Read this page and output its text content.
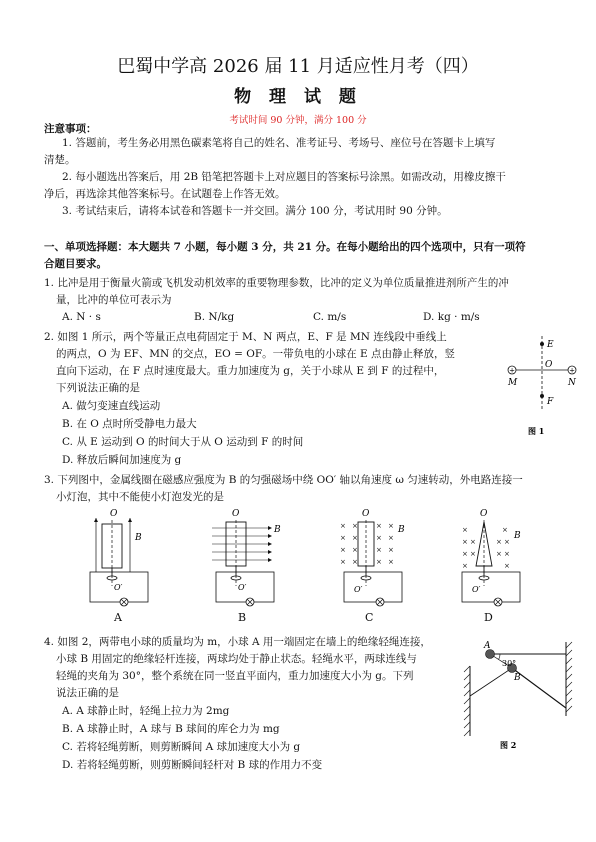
巴蜀中学高 2026 届 11 月适应性月考（四）
物 理 试 题
考试时间 90 分钟，满分 100 分
注意事项：
1. 答题前，考生务必用黑色碳素笔将自己的姓名、准考证号、考场号、座位号在答题卡上填写
清楚。
2. 每小题选出答案后，用 2B 铅笔把答题卡上对应题目的答案标号涂黑。如需改动，用橡皮擦干
净后，再选涂其他答案标号。在试题卷上作答无效。
3. 考试结束后，请将本试卷和答题卡一并交回。满分 100 分，考试用时 90 分钟。
一、单项选择题：本大题共 7 小题，每小题 3 分，共 21 分。在每小题给出的四个选项中，只有一项符
合题目要求。
1. 比冲是用于衡量火箭或飞机发动机效率的重要物理参数，比冲的定义为单位质量推进剂所产生的冲
量，比冲的单位可表示为
A. N · s	B. N/kg	C. m/s	D. kg · m/s
2. 如图 1 所示，两个等量正点电荷固定于 M、N 两点，E、F 是 MN 连线段中垂线上
的两点，O 为 EF、MN 的交点，EO = OF。一带负电的小球在 E 点由静止释放，竖
直向下运动，在 F 点时速度最大。重力加速度为 g，关于小球从 E 到 F 的过程中，
下列说法正确的是
A. 做匀变速直线运动
B. 在 O 点时所受静电力最大
C. 从 E 运动到 O 的时间大于从 O 运动到 F 的时间
D. 释放后瞬间加速度为 g
+	+
E
O
M	N
F
图 1
3. 下列图中，金属线圈在磁感应强度为 B 的匀强磁场中绕 OO′ 轴以角速度 ω 匀速转动，外电路连接一
小灯泡，其中不能使小灯泡发光的是
O
B
O′
A
O
B
O′
B
O
× ×	× ×
× ×	× ×
× ×	× ×
× ×	× ×
B
O′
C
O
×	×
× ×	× ×
× ×	× ×
×	×
B
O′
D
4. 如图 2，两带电小球的质量均为 m，小球 A 用一端固定在墙上的绝缘轻绳连接，
小球 B 用固定的绝缘轻杆连接，两球均处于静止状态。轻绳水平，两球连线与
轻绳的夹角为 30°，整个系统在同一竖直平面内，重力加速度大小为 g。下列
说法正确的是
A. A 球静止时，轻绳上拉力为 2mg
B. A 球静止时，A 球与 B 球间的库仑力为 mg
C. 若将轻绳剪断，则剪断瞬间 A 球加速度大小为 g
D. 若将轻绳剪断，则剪断瞬间轻杆对 B 球的作用力不变
A
B
30°
图 2
